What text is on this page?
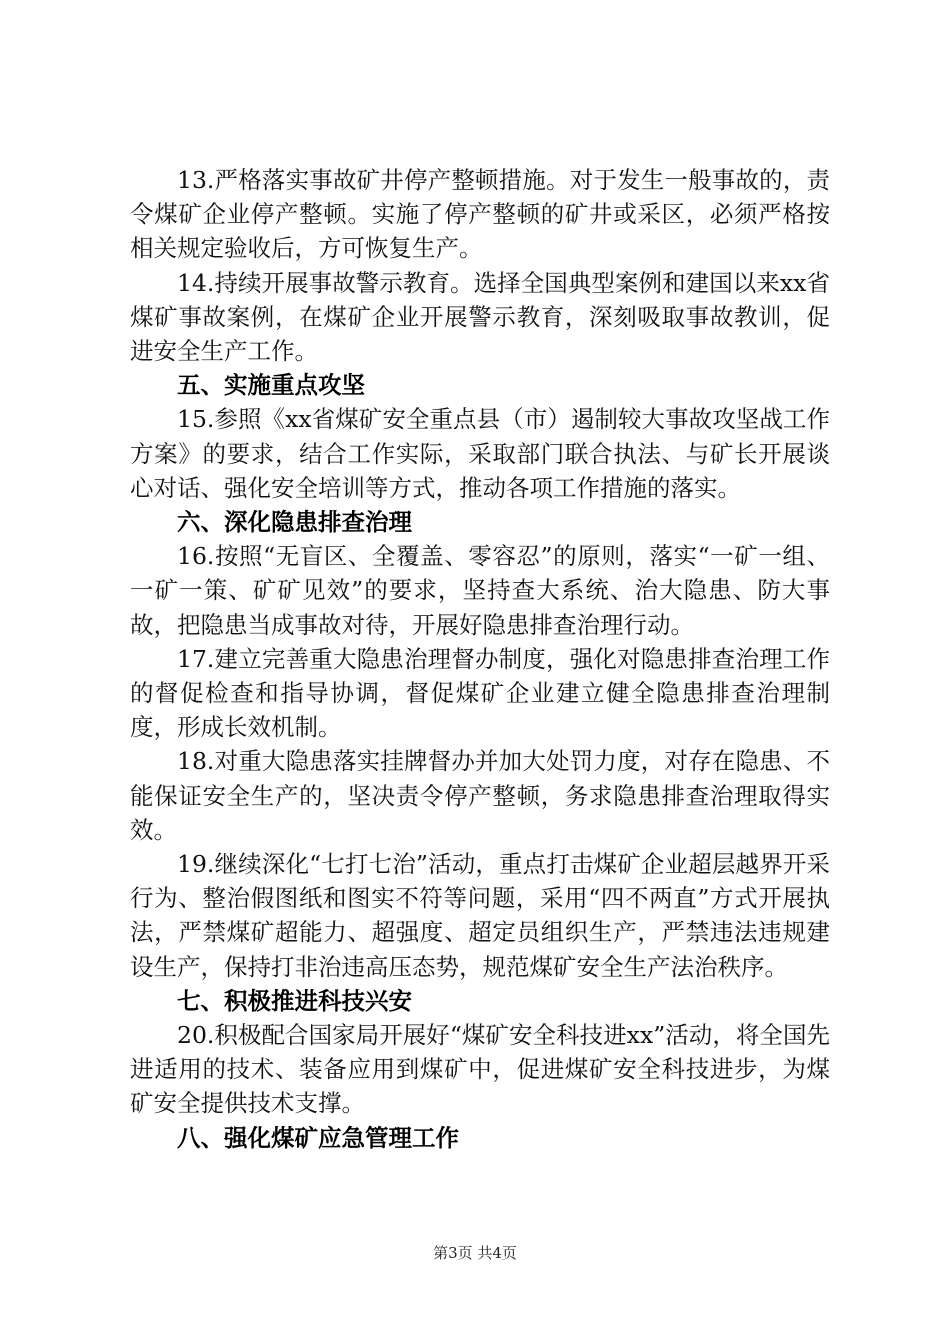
13.严格落实事故矿井停产整顿措施。对于发生一般事故的，责令煤矿企业停产整顿。实施了停产整顿的矿井或采区，必须严格按相关规定验收后，方可恢复生产。

14.持续开展事故警示教育。选择全国典型案例和建国以来xx省煤矿事故案例，在煤矿企业开展警示教育，深刻吸取事故教训，促进安全生产工作。

五、实施重点攻坚

15.参照《xx省煤矿安全重点县（市）遏制较大事故攻坚战工作方案》的要求，结合工作实际，采取部门联合执法、与矿长开展谈心对话、强化安全培训等方式，推动各项工作措施的落实。

六、深化隐患排查治理

16.按照“无盲区、全覆盖、零容忍”的原则，落实“一矿一组、一矿一策、矿矿见效”的要求，坚持查大系统、治大隐患、防大事故，把隐患当成事故对待，开展好隐患排查治理行动。

17.建立完善重大隐患治理督办制度，强化对隐患排查治理工作的督促检查和指导协调，督促煤矿企业建立健全隐患排查治理制度，形成长效机制。

18.对重大隐患落实挂牌督办并加大处罚力度，对存在隐患、不能保证安全生产的，坚决责令停产整顿，务求隐患排查治理取得实效。

19.继续深化“七打七治”活动，重点打击煤矿企业超层越界开采行为、整治假图纸和图实不符等问题，采用“四不两直”方式开展执法，严禁煤矿超能力、超强度、超定员组织生产，严禁违法违规建设生产，保持打非治违高压态势，规范煤矿安全生产法治秩序。

七、积极推进科技兴安

20.积极配合国家局开展好“煤矿安全科技进xx”活动，将全国先进适用的技术、装备应用到煤矿中，促进煤矿安全科技进步，为煤矿安全提供技术支撑。

八、强化煤矿应急管理工作

第3页 共4页
